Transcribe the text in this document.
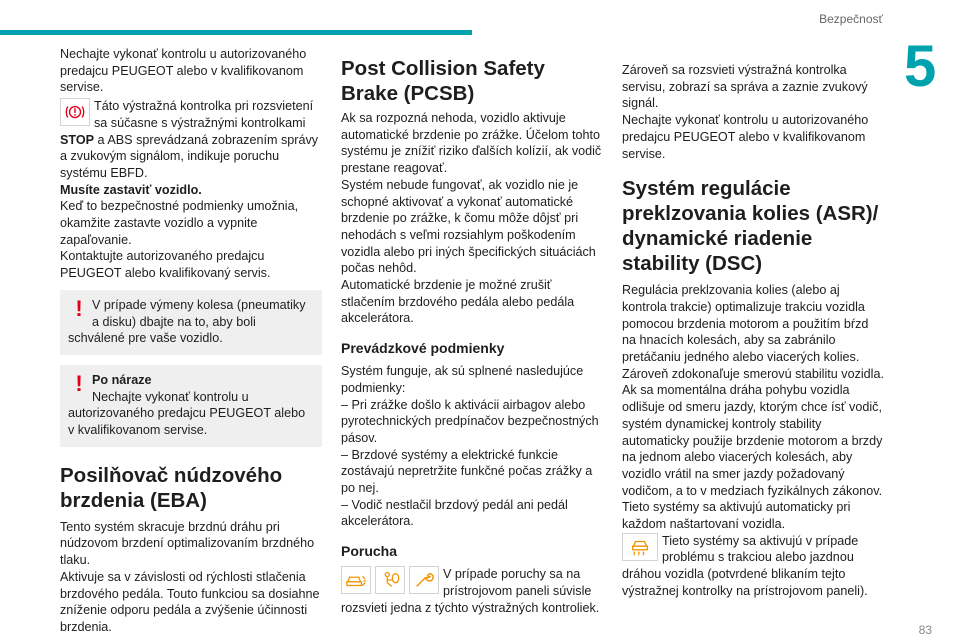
Bezpečnosť
5
83

Nechajte vykonať kontrolu u autorizovaného predajcu PEUGEOT alebo v kvalifikovanom servise.

Táto výstražná kontrolka pri rozsvietení sa súčasne s výstražnými kontrolkami STOP a ABS sprevádzaná zobrazením správy a zvukovým signálom, indikuje poruchu systému EBFD.

Musíte zastaviť vozidlo.

Keď to bezpečnostné podmienky umožnia, okamžite zastavte vozidlo a vypnite zapaľovanie.

Kontaktujte autorizovaného predajcu PEUGEOT alebo kvalifikovaný servis.

! V prípade výmeny kolesa (pneumatiky a disku) dbajte na to, aby boli schválené pre vaše vozidlo.
! Po náraze
Nechajte vykonať kontrolu u autorizovaného predajcu PEUGEOT alebo v kvalifikovanom servise.
Posilňovač núdzového brzdenia (EBA)

Tento systém skracuje brzdnú dráhu pri núdzovom brzdení optimalizovaním brzdného tlaku.

Aktivuje sa v závislosti od rýchlosti stlačenia brzdového pedála. Touto funkciou sa dosiahne zníženie odporu pedála a zvýšenie účinnosti brzdenia.

Post Collision Safety Brake (PCSB)

Ak sa rozpozná nehoda, vozidlo aktivuje automatické brzdenie po zrážke. Účelom tohto systému je znížiť riziko ďalších kolízií, ak vodič prestane reagovať.

Systém nebude fungovať, ak vozidlo nie je schopné aktivovať a vykonať automatické brzdenie po zrážke, k čomu môže dôjsť pri nehodách s veľmi rozsiahlym poškodením vozidla alebo pri iných špecifických situáciách počas nehôd.

Automatické brzdenie je možné zrušiť stlačením brzdového pedála alebo pedála akcelerátora.

Prevádzkové podmienky

Systém funguje, ak sú splnené nasledujúce podmienky:

– Pri zrážke došlo k aktivácii airbagov alebo pyrotechnických predpínačov bezpečnostných pásov.

– Brzdové systémy a elektrické funkcie zostávajú nepretržite funkčné počas zrážky a po nej.

– Vodič nestlačil brzdový pedál ani pedál akcelerátora.

Porucha
V prípade poruchy sa na prístrojovom paneli súvisle rozsvieti jedna z týchto výstražných kontroliek.

Zároveň sa rozsvieti výstražná kontrolka servisu, zobrazí sa správa a zaznie zvukový signál.

Nechajte vykonať kontrolu u autorizovaného predajcu PEUGEOT alebo v kvalifikovanom servise.

Systém regulácie preklzovania kolies (ASR)/ dynamické riadenie stability (DSC)

Regulácia preklzovania kolies (alebo aj kontrola trakcie) optimalizuje trakciu vozidla pomocou brzdenia motorom a použitím bŕzd na hnacích kolesách, aby sa zabránilo pretáčaniu jedného alebo viacerých kolies. Zároveň zdokonaľuje smerovú stabilitu vozidla.

Ak sa momentálna dráha pohybu vozidla odlišuje od smeru jazdy, ktorým chce ísť vodič, systém dynamickej kontroly stability automaticky použije brzdenie motorom a brzdy na jednom alebo viacerých kolesách, aby vozidlo vrátil na smer jazdy požadovaný vodičom, a to v medziach fyzikálnych zákonov.

Tieto systémy sa aktivujú automaticky pri každom naštartovaní vozidla.

Tieto systémy sa aktivujú v prípade problému s trakciou alebo jazdnou dráhou vozidla (potvrdené blikaním tejto výstražnej kontrolky na prístrojovom paneli).
